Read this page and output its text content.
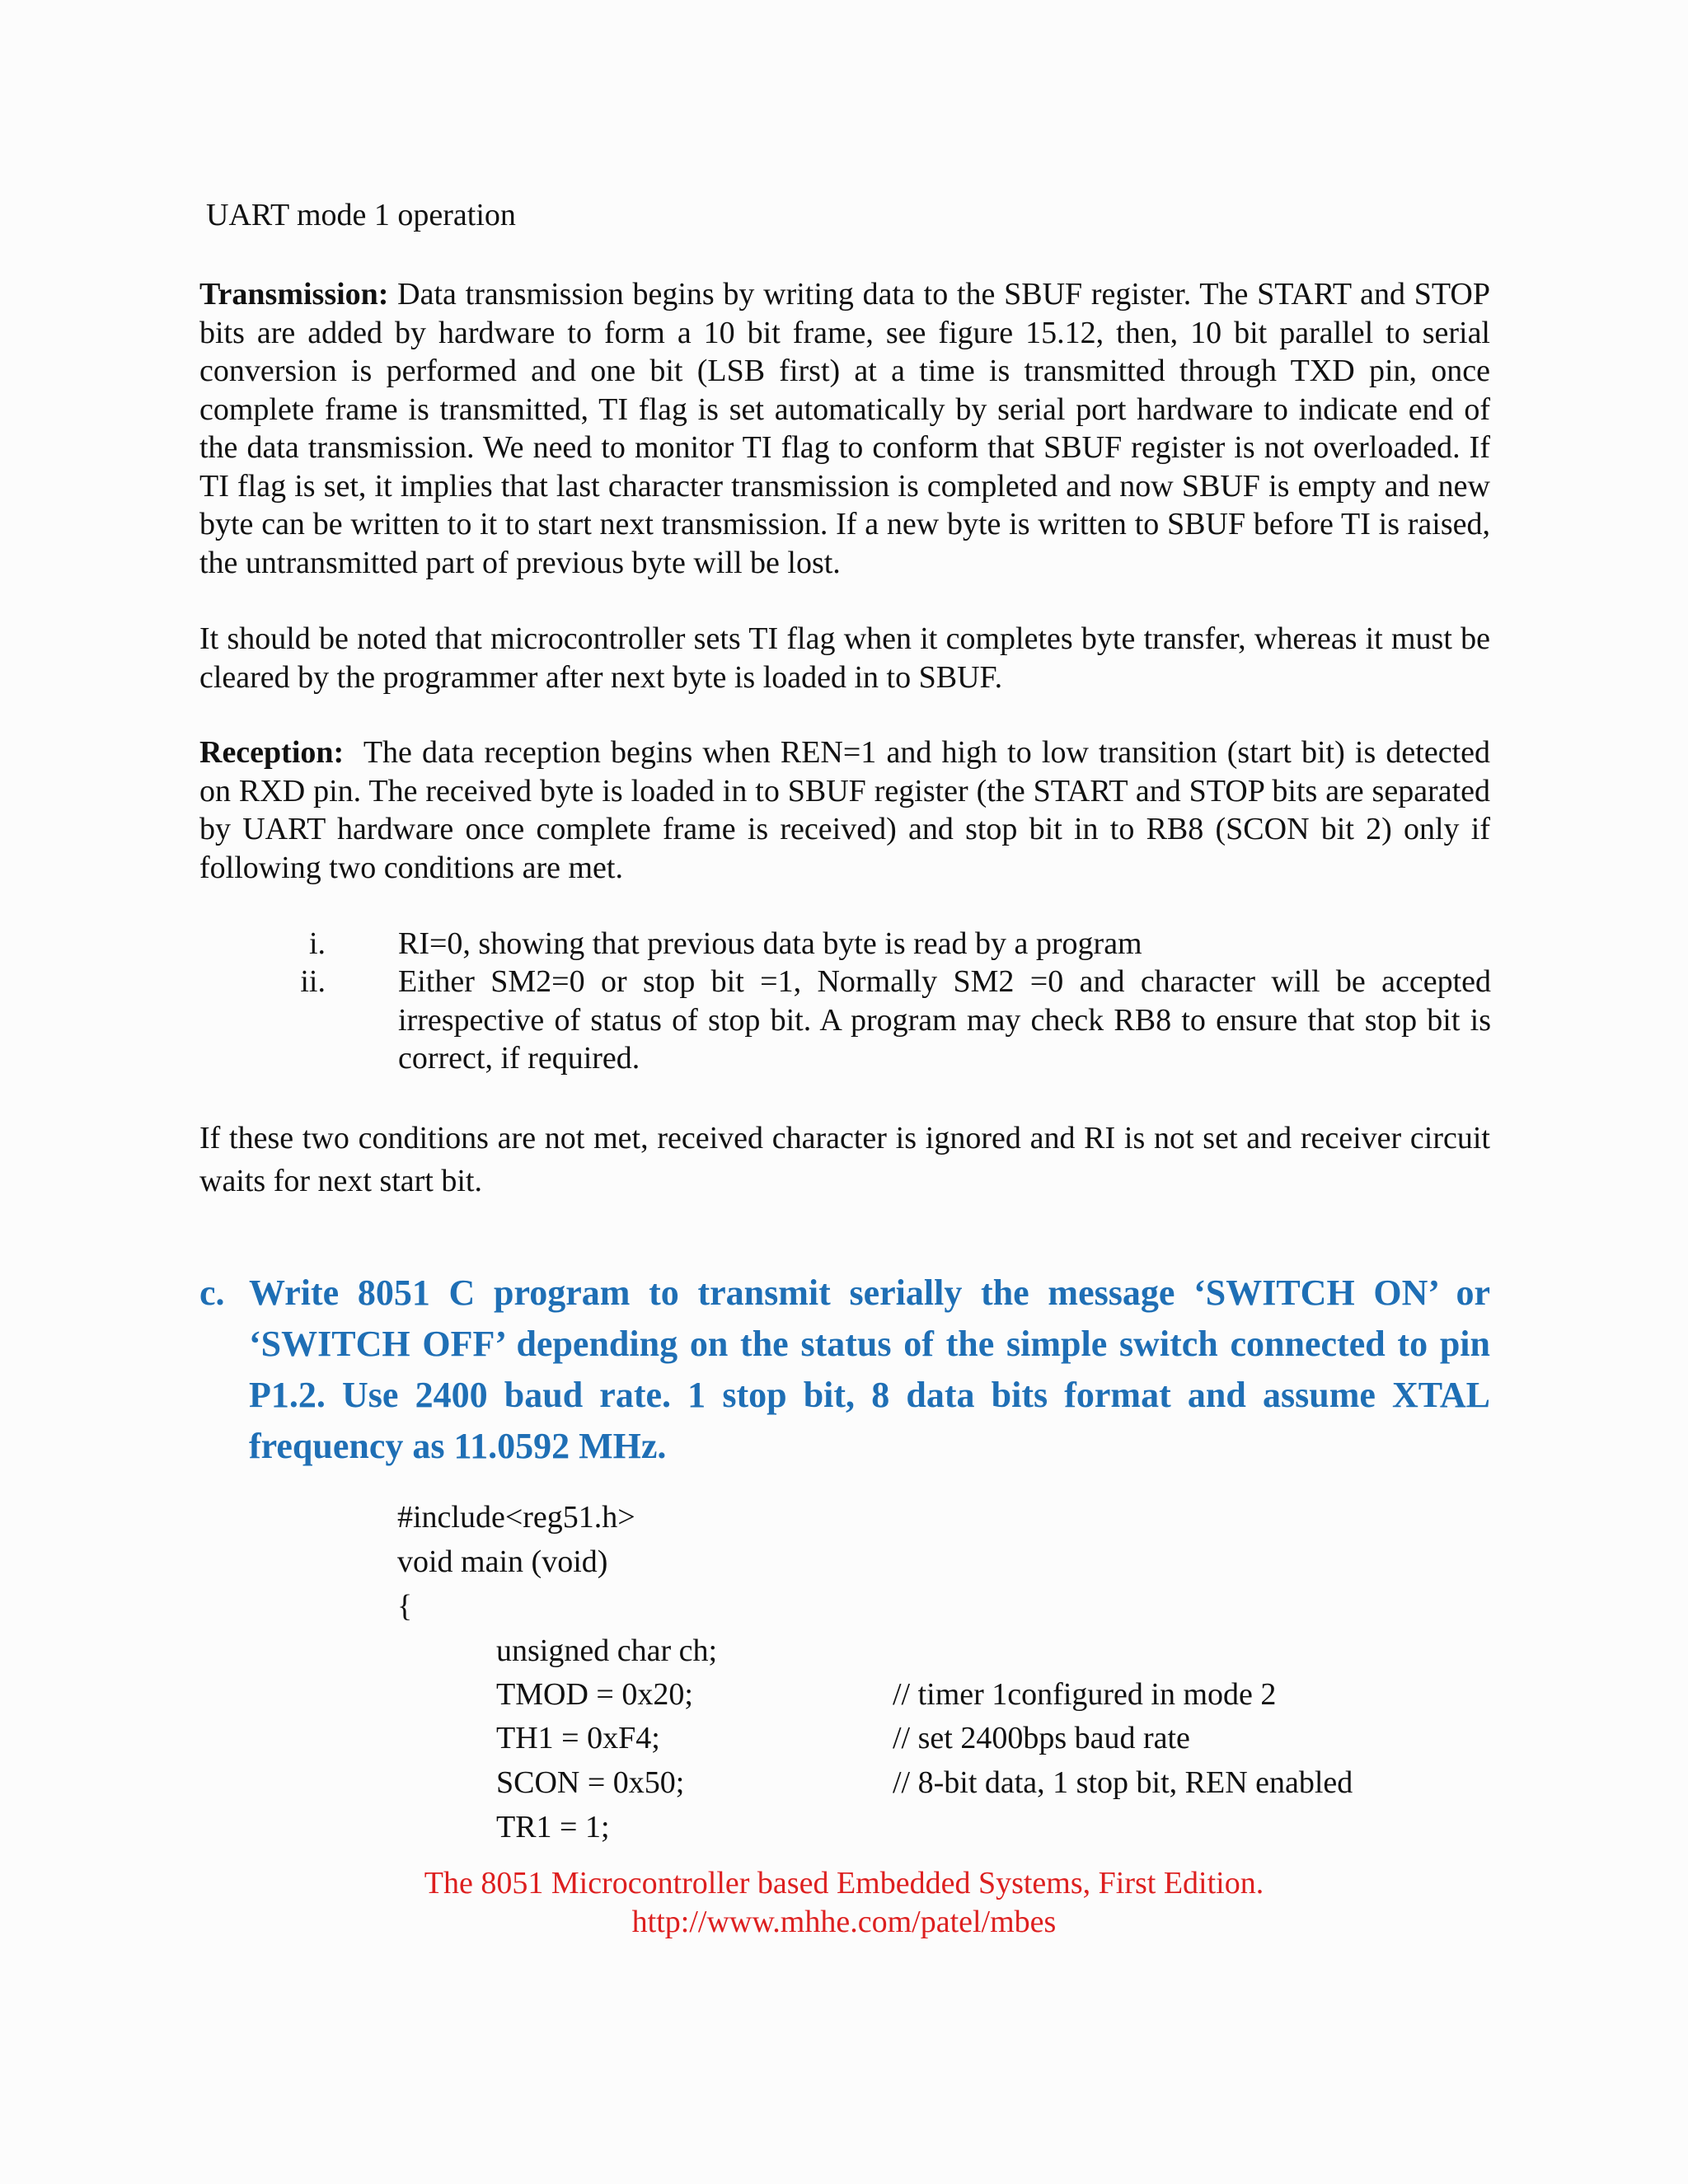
UART mode 1 operation

Transmission: Data transmission begins by writing data to the SBUF register. The START and STOP bits are added by hardware to form a 10 bit frame, see figure 15.12, then, 10 bit parallel to serial conversion is performed and one bit (LSB first) at a time is transmitted through TXD pin, once complete frame is transmitted, TI flag is set automatically by serial port hardware to indicate end of the data transmission. We need to monitor TI flag to conform that SBUF register is not overloaded. If TI flag is set, it implies that last character transmission is completed and now SBUF is empty and new byte can be written to it to start next transmission. If a new byte is written to SBUF before TI is raised, the untransmitted part of previous byte will be lost.

It should be noted that microcontroller sets TI flag when it completes byte transfer, whereas it must be cleared by the programmer after next byte is loaded in to SBUF.

Reception:  The data reception begins when REN=1 and high to low transition (start bit) is detected on RXD pin. The received byte is loaded in to SBUF register (the START and STOP bits are separated by UART hardware once complete frame is received) and stop bit in to RB8 (SCON bit 2) only if following two conditions are met.

i. RI=0, showing that previous data byte is read by a program
ii. Either SM2=0 or stop bit =1, Normally SM2 =0 and character will be accepted irrespective of status of stop bit. A program may check RB8 to ensure that stop bit is correct, if required.

If these two conditions are not met, received character is ignored and RI is not set and receiver circuit waits for next start bit.

c. Write 8051 C program to transmit serially the message ‘SWITCH ON’ or ‘SWITCH OFF’ depending on the status of the simple switch connected to pin P1.2. Use 2400 baud rate. 1 stop bit, 8 data bits format and assume XTAL frequency as 11.0592 MHz.
#include<reg51.h>
void main (void)
{
unsigned char ch;
TMOD = 0x20;	// timer 1configured in mode 2
TH1 = 0xF4;	// set 2400bps baud rate
SCON = 0x50;	// 8-bit data, 1 stop bit, REN enabled
TR1 = 1;
The 8051 Microcontroller based Embedded Systems, First Edition.
http://www.mhhe.com/patel/mbes
